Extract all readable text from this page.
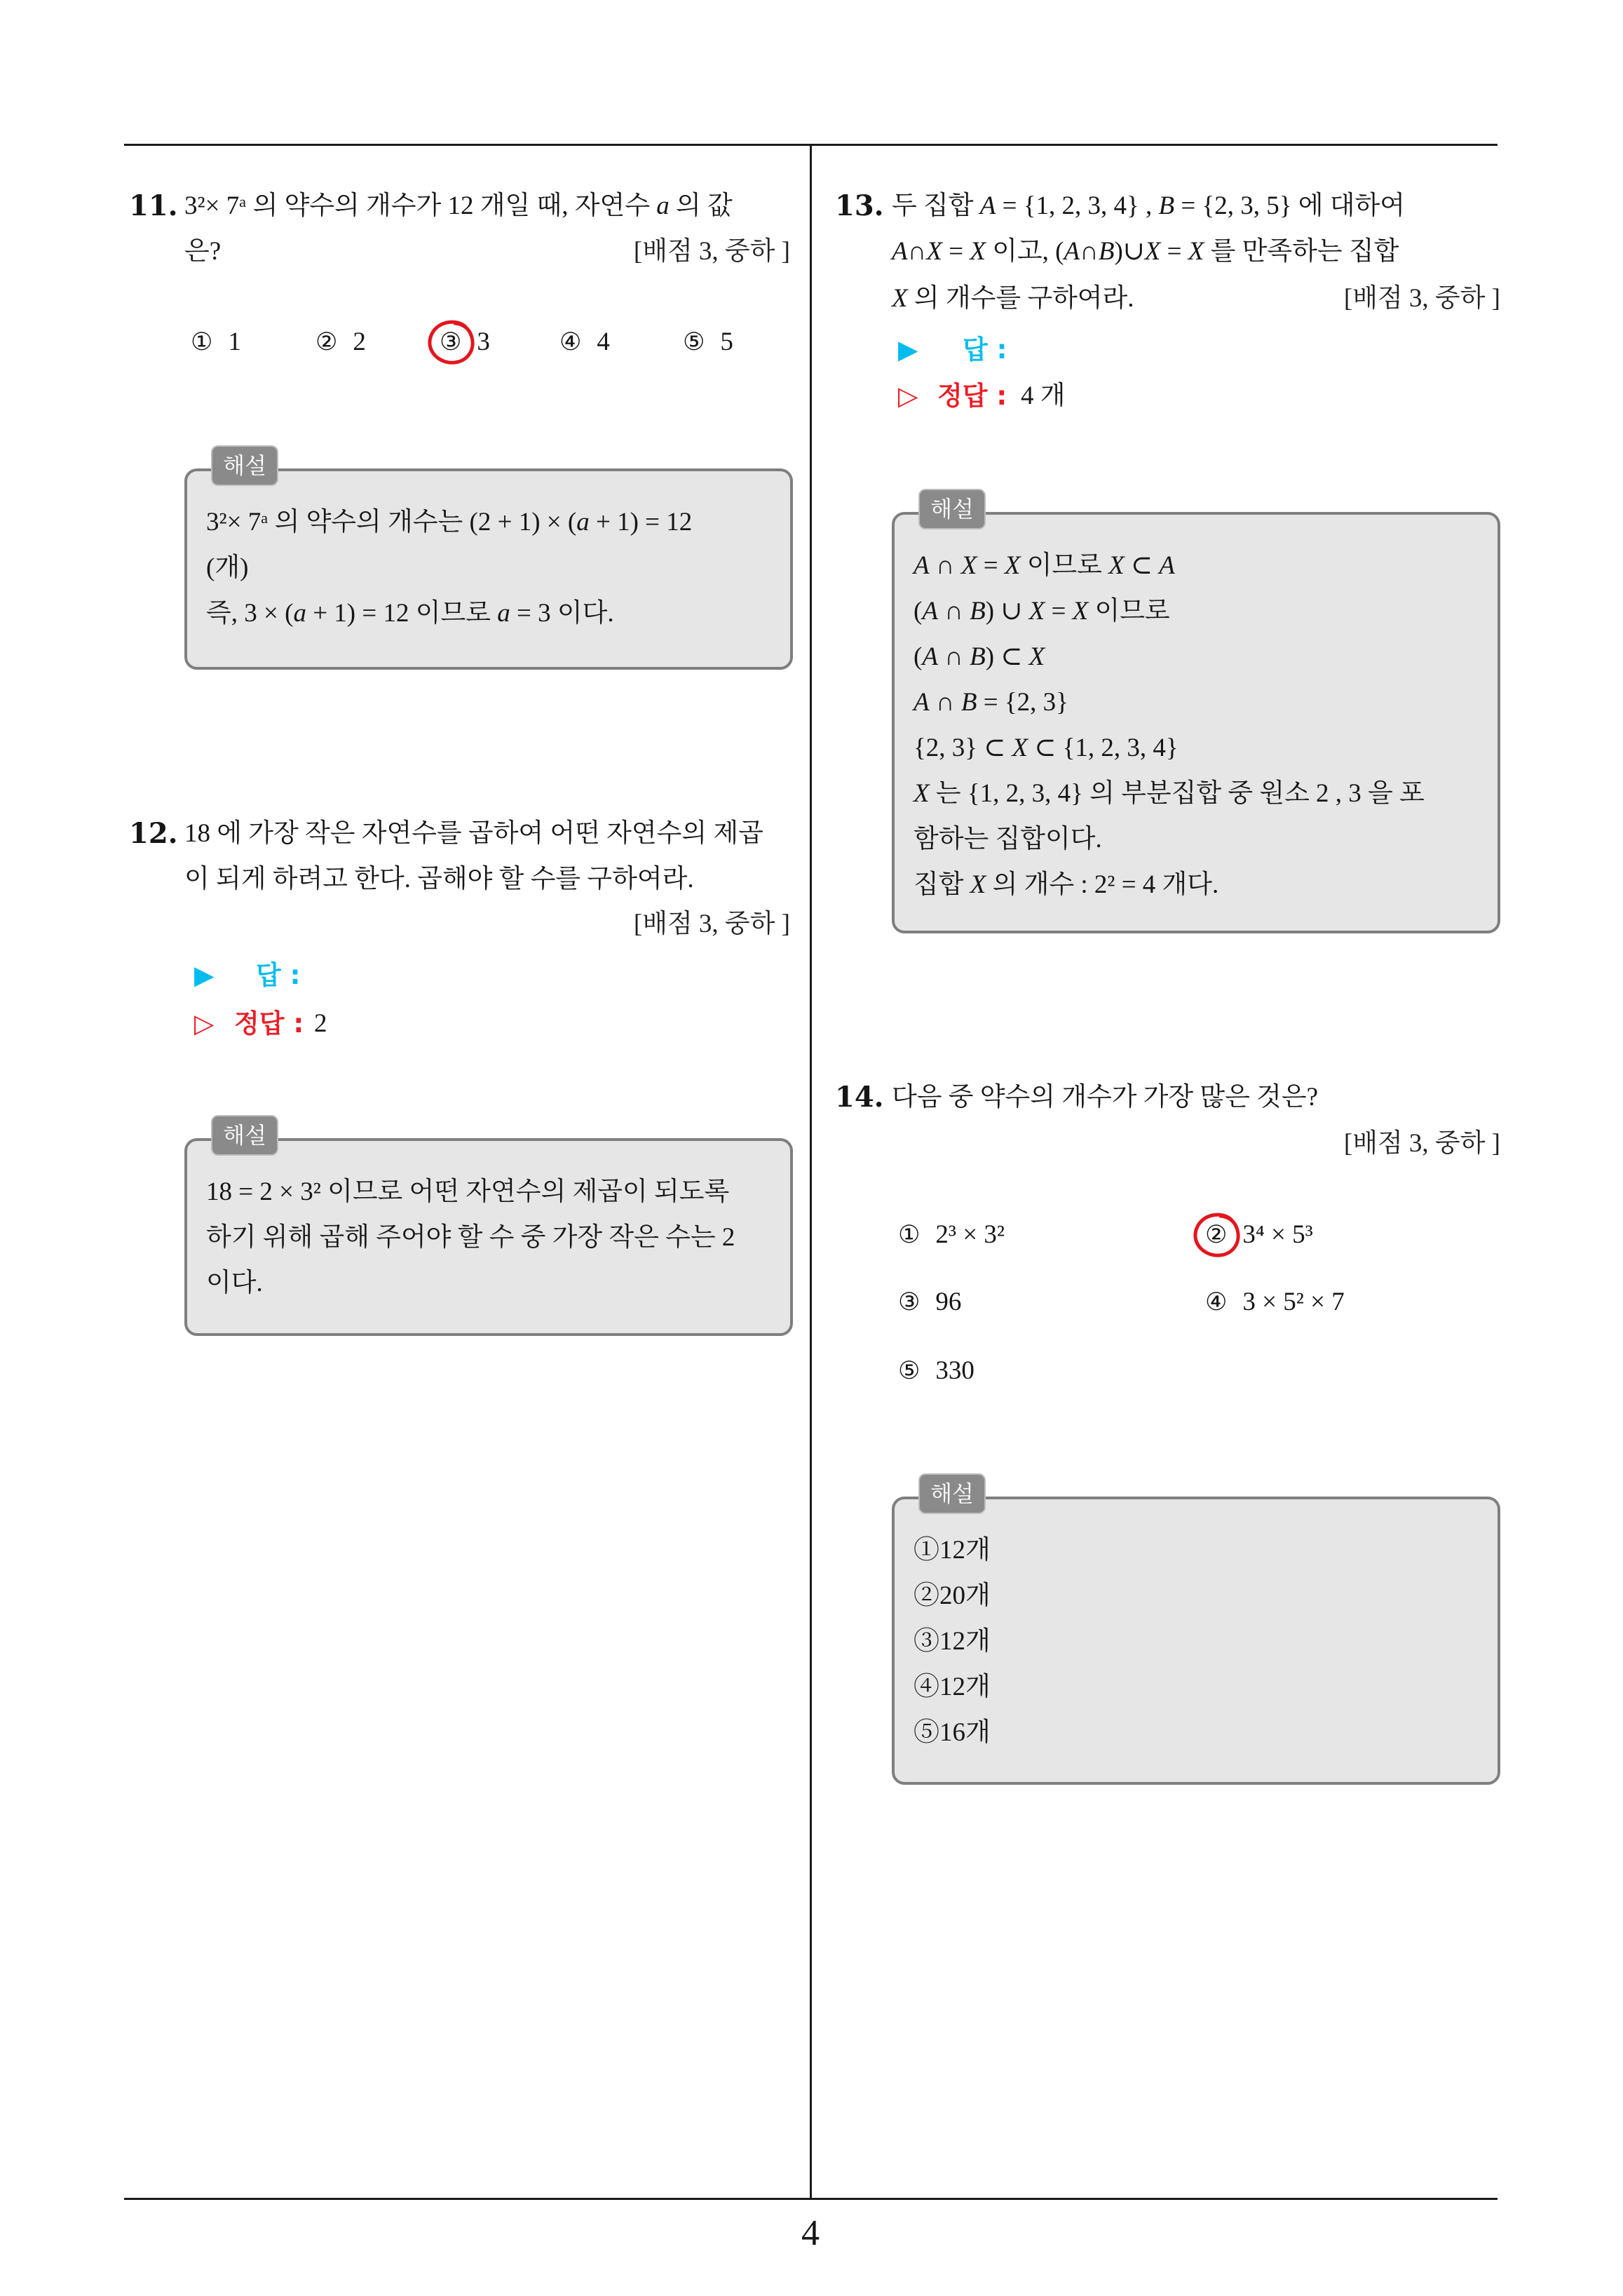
11. 3²× 7ᵃ 의 약수의 개수가 12 개일 때, 자연수 a 의 값
은?	[배점 3, 중하 ]
① 1	② 2	③ 3	④ 4	⑤ 5
해설
3²× 7ᵃ 의 약수의 개수는 (2 + 1) × (a + 1) = 12
(개)
즉, 3 × (a + 1) = 12 이므로 a = 3 이다.
12. 18 에 가장 작은 자연수를 곱하여 어떤 자연수의 제곱
이 되게 하려고 한다. 곱해야 할 수를 구하여라.
[배점 3, 중하 ]
▶ 답 :
▷ 정답 : 2
해설
18 = 2 × 3² 이므로 어떤 자연수의 제곱이 되도록
하기 위해 곱해 주어야 할 수 중 가장 작은 수는 2
이다.
13. 두 집합 A = {1, 2, 3, 4} , B = {2, 3, 5} 에 대하여
A∩X = X 이고, (A∩B)∪X = X 를 만족하는 집합
X 의 개수를 구하여라.	[배점 3, 중하 ]
▶ 답 :
▷ 정답 : 4 개
해설
A ∩ X = X 이므로 X ⊂ A
(A ∩ B) ∪ X = X 이므로
(A ∩ B) ⊂ X
A ∩ B = {2, 3}
{2, 3} ⊂ X ⊂ {1, 2, 3, 4}
X 는 {1, 2, 3, 4} 의 부분집합 중 원소 2 , 3 을 포
함하는 집합이다.
집합 X 의 개수 : 2² = 4 개다.
14. 다음 중 약수의 개수가 가장 많은 것은?
[배점 3, 중하 ]
① 2³ × 3²	② 3⁴ × 5³
③ 96	④ 3 × 5² × 7
⑤ 330
해설
①12개
②20개
③12개
④12개
⑤16개
4
